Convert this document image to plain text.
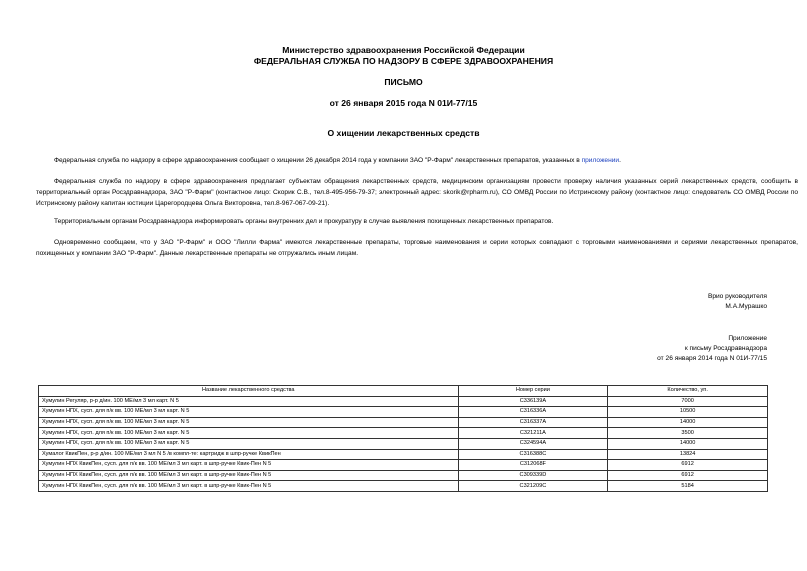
Министерство здравоохранения Российской Федерации
ФЕДЕРАЛЬНАЯ СЛУЖБА ПО НАДЗОРУ В СФЕРЕ ЗДРАВООХРАНЕНИЯ
ПИСЬМО
от 26 января 2015 года N 01И-77/15
О хищении лекарственных средств
Федеральная служба по надзору в сфере здравоохранения сообщает о хищении 26 декабря 2014 года у компании ЗАО "Р-Фарм" лекарственных препаратов, указанных в приложении.
Федеральная служба по надзору в сфере здравоохранения предлагает субъектам обращения лекарственных средств, медицинским организациям провести проверку наличия указанных серий лекарственных средств, сообщить в территориальный орган Росздравнадзора, ЗАО "Р-Фарм" (контактное лицо: Скорик С.В., тел.8-495-956-79-37; электронный адрес: skorik@rpharm.ru), СО ОМВД России по Истринскому району (контактное лицо: следователь СО ОМВД России по Истринскому району капитан юстиции Царегородцева Ольга Викторовна, тел.8-967-067-09-21).
Территориальным органам Росздравнадзора информировать органы внутренних дел и прокуратуру в случае выявления похищенных лекарственных препаратов.
Одновременно сообщаем, что у ЗАО "Р-Фарм" и ООО "Лилли Фарма" имеются лекарственные препараты, торговые наименования и серии которых совпадают с торговыми наименованиями и сериями лекарственных препаратов, похищенных у компании ЗАО "Р-Фарм". Данные лекарственные препараты не отгружались иным лицам.
Врио руководителя
М.А.Мурашко
Приложение
к письму Росздравнадзора
от 26 января 2014 года N 01И-77/15
Название лекарственного средства	Номер серии	Количество, уп.
Хумулин Регуляр, р-р д/ин. 100 МЕ/мл 3 мл карт. N 5	C336139A	7000
Хумулин НПХ, сусп. для п/к вв. 100 МЕ/мл 3 мл карт. N 5	C316336A	10500
Хумулин НПХ, сусп. для п/к вв. 100 МЕ/мл 3 мл карт. N 5	C316337A	14000
Хумулин НПХ, сусп. для п/к вв. 100 МЕ/мл 3 мл карт. N 5	C321211A	3500
Хумулин НПХ, сусп. для п/к вв. 100 МЕ/мл 3 мл карт. N 5	C324594A	14000
Хумалог КвикПен, р-р д/ин. 100 МЕ/мл 3 мл N 5 /в компл-те: картридж в шпр-ручке КвикПен	C316388C	13824
Хумулин НПХ КвикПен, сусп. для п/к вв. 100 МЕ/мл 3 мл карт. в шпр-ручке Квик-Пен N 5	C312068F	6912
Хумулин НПХ КвикПен, сусп. для п/к вв. 100 МЕ/мл 3 мл карт. в шпр-ручке Квик-Пен N 5	C309339D	6912
Хумулин НПХ КвикПен, сусп. для п/к вв. 100 МЕ/мл 3 мл карт. в шпр-ручке Квик-Пен N 5	C321209C	5184
